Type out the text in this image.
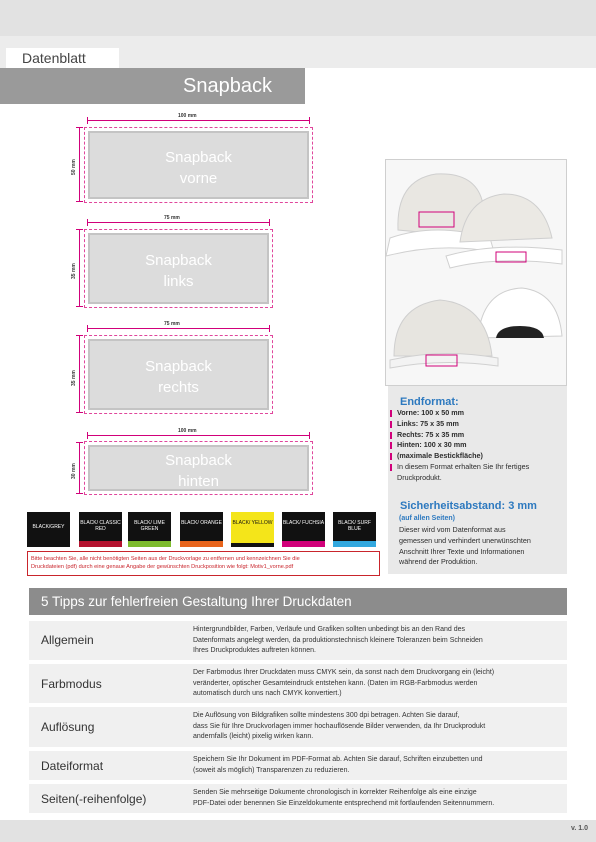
Datenblatt
Snapback
100 mm
50 mm
Snapback
vorne
75 mm
35 mm
Snapback
links
75 mm
35 mm
Snapback
rechts
100 mm
30 mm
Snapback
hinten
BLACK/GREY
BLACK/ CLASSIC RED
BLACK/ LIME GREEN
BLACK/ ORANGE	BLACK/ YELLOW	BLACK/ FUCHSIA	BLACK/ SURF BLUE
Bitte beachten Sie, alle nicht benötigten Seiten aus der Druckvorlage zu entfernen und kennzeichnen Sie die
Druckdateien (pdf) durch eine genaue Angabe der gewünschten Druckposition wie folgt: Motiv1_vorne.pdf
Endformat:
Vorne: 100 x 50 mm
Links: 75 x 35 mm
Rechts: 75 x 35 mm
Hinten: 100 x 30 mm
(maximale Bestickfläche)
In diesem Format erhalten Sie Ihr fertiges
Druckprodukt.
Sicherheitsabstand: 3 mm
(auf allen Seiten)
Dieser wird vom Datenformat aus
gemessen und verhindert unerwünschten
Anschnitt Ihrer Texte und Informationen
während der Produktion.
5 Tipps zur fehlerfreien Gestaltung Ihrer Druckdaten
Allgemein
Hintergrundbilder, Farben, Verläufe und Grafiken sollten unbedingt bis an den Rand des
Datenformats angelegt werden, da produktionstechnisch kleinere Toleranzen beim Schneiden
Ihres Druckproduktes auftreten können.
Farbmodus
Der Farbmodus Ihrer Druckdaten muss CMYK sein, da sonst nach dem Druckvorgang ein (leicht)
veränderter, optischer Gesamteindruck entstehen kann. (Daten im RGB-Farbmodus werden
automatisch durch uns nach CMYK konvertiert.)
Auflösung
Die Auflösung von Bildgrafiken sollte mindestens 300 dpi betragen. Achten Sie darauf,
dass Sie für Ihre Druckvorlagen immer hochauflösende Bilder verwenden, da Ihr Druckprodukt
andernfalls (leicht) pixelig wirken kann.
Dateiformat	Speichern Sie Ihr Dokument im PDF-Format ab. Achten Sie darauf, Schriften einzubetten und
(soweit als möglich) Transparenzen zu reduzieren.
Seiten(-reihenfolge)	Senden Sie mehrseitige Dokumente chronologisch in korrekter Reihenfolge als eine einzige
PDF-Datei oder benennen Sie Einzeldokumente entsprechend mit fortlaufenden Seitennummern.
v. 1.0
